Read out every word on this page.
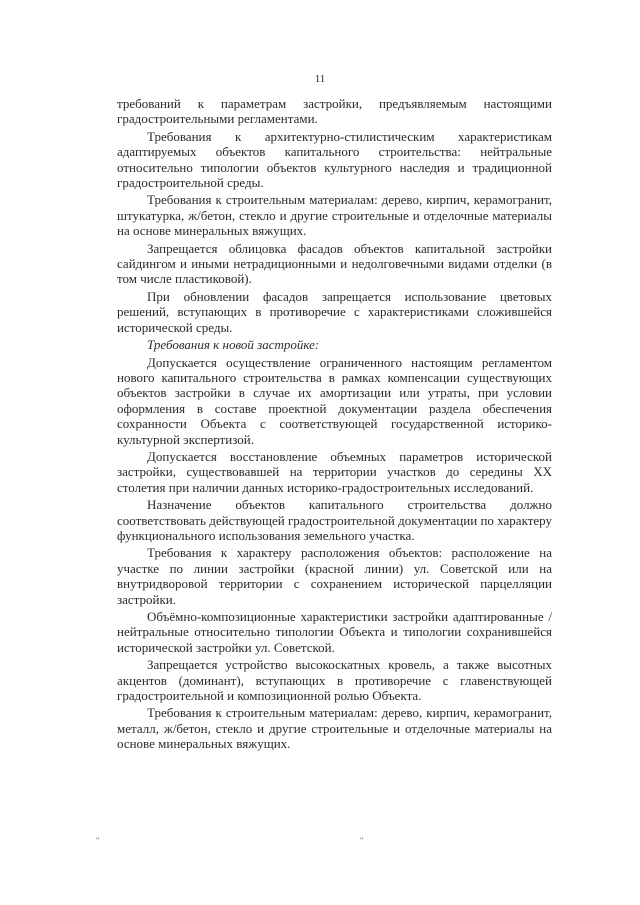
11

требований к параметрам застройки, предъявляемым настоящими градостроительными регламентами.

Требования к архитектурно-стилистическим характеристикам адаптируемых объектов капитального строительства: нейтральные относительно типологии объектов культурного наследия и традиционной градостроительной среды.

Требования к строительным материалам: дерево, кирпич, керамогранит, штукатурка, ж/бетон, стекло и другие строительные и отделочные материалы на основе минеральных вяжущих.

Запрещается облицовка фасадов объектов капитальной застройки сайдингом и иными нетрадиционными и недолговечными видами отделки (в том числе пластиковой).

При обновлении фасадов запрещается использование цветовых решений, вступающих в противоречие с характеристиками сложившейся исторической среды.

Требования к новой застройке:

Допускается осуществление ограниченного настоящим регламентом нового капитального строительства в рамках компенсации существующих объектов застройки в случае их амортизации или утраты, при условии оформления в составе проектной документации раздела обеспечения сохранности Объекта с соответствующей государственной историко-культурной экспертизой.

Допускается восстановление объемных параметров исторической застройки, существовавшей на территории участков до середины XX столетия при наличии данных историко-градостроительных исследований.

Назначение объектов капитального строительства должно соответствовать действующей градостроительной документации по характеру функционального использования земельного участка.

Требования к характеру расположения объектов: расположение на участке по линии застройки (красной линии) ул. Советской или на внутридворовой территории с сохранением исторической парцелляции застройки.

Объёмно-композиционные характеристики застройки адаптированные /нейтральные относительно типологии Объекта и типологии сохранившейся исторической застройки ул. Советской.

Запрещается устройство высокоскатных кровель, а также высотных акцентов (доминант), вступающих в противоречие с главенствующей градостроительной и композиционной ролью Объекта.

Требования к строительным материалам: дерево, кирпич, керамогранит, металл, ж/бетон, стекло и другие строительные и отделочные материалы на основе минеральных вяжущих.

"	"
